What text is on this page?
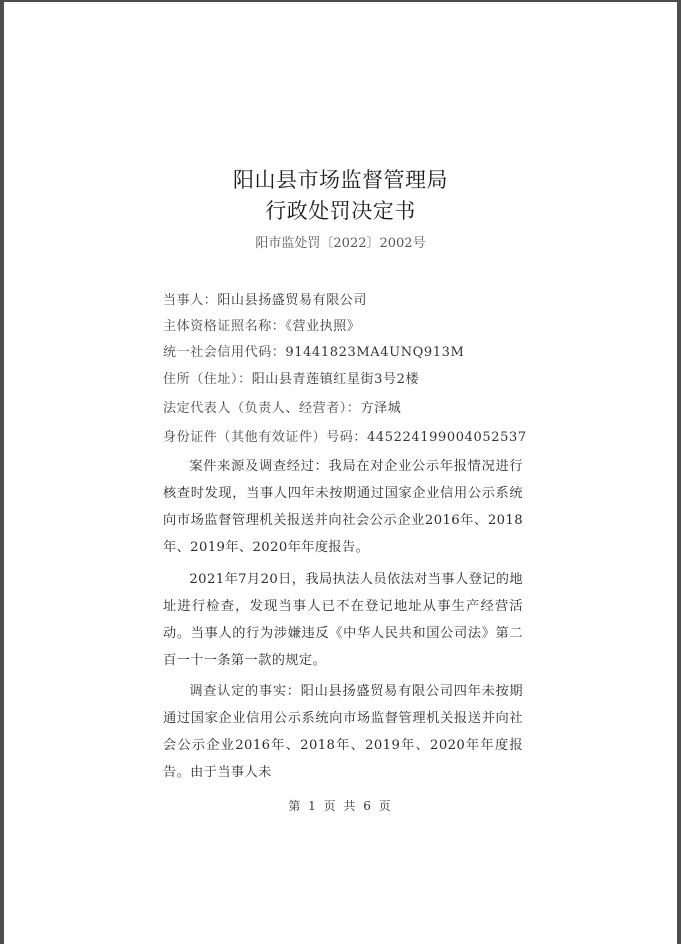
阳山县市场监督管理局
行政处罚决定书
阳市监处罚〔2022〕2002号
当事人：阳山县扬盛贸易有限公司
主体资格证照名称：《营业执照》
统一社会信用代码：91441823MA4UNQ913M
住所（住址）：阳山县青莲镇红星街3号2楼
法定代表人（负责人、经营者）：方泽城
身份证件（其他有效证件）号码：445224199004052537

案件来源及调查经过：我局在对企业公示年报情况进行核查时发现，当事人四年未按期通过国家企业信用公示系统向市场监督管理机关报送并向社会公示企业2016年、2018年、2019年、2020年年度报告。

2021年7月20日，我局执法人员依法对当事人登记的地址进行检查，发现当事人已不在登记地址从事生产经营活动。当事人的行为涉嫌违反《中华人民共和国公司法》第二百一十一条第一款的规定。

调查认定的事实：阳山县扬盛贸易有限公司四年未按期通过国家企业信用公示系统向市场监督管理机关报送并向社会公示企业2016年、2018年、2019年、2020年年度报告。由于当事人未

第 1 页 共 6 页
